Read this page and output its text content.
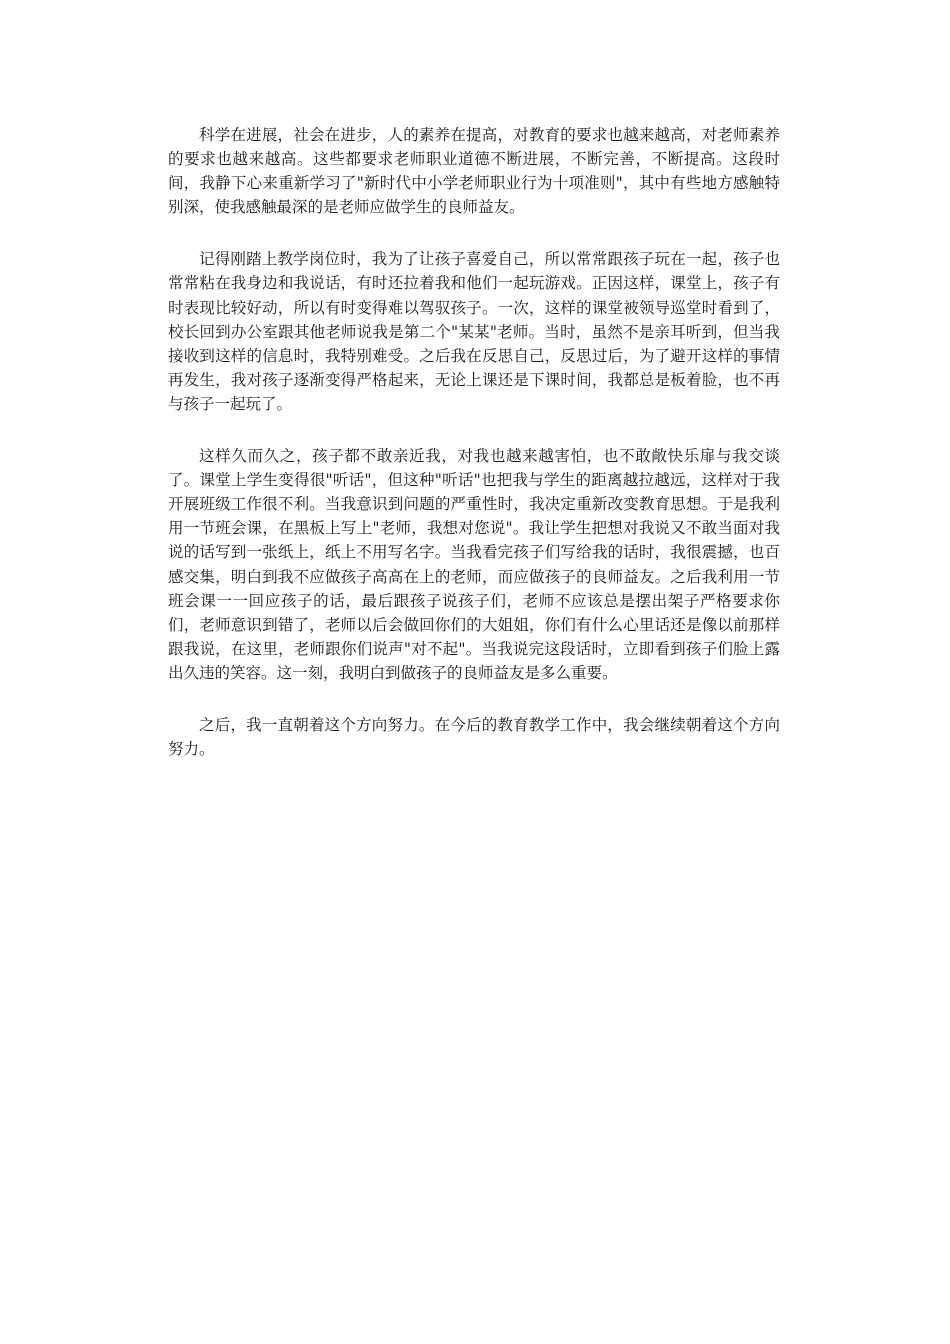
科学在进展，社会在进步，人的素养在提高，对教育的要求也越来越高，对老师素养的要求也越来越高。这些都要求老师职业道德不断进展，不断完善，不断提高。这段时间，我静下心来重新学习了"新时代中小学老师职业行为十项准则"，其中有些地方感触特别深，使我感触最深的是老师应做学生的良师益友。

记得刚踏上教学岗位时，我为了让孩子喜爱自己，所以常常跟孩子玩在一起，孩子也常常粘在我身边和我说话，有时还拉着我和他们一起玩游戏。正因这样，课堂上，孩子有时表现比较好动，所以有时变得难以驾驭孩子。一次，这样的课堂被领导巡堂时看到了，校长回到办公室跟其他老师说我是第二个"某某"老师。当时，虽然不是亲耳听到，但当我接收到这样的信息时，我特别难受。之后我在反思自己，反思过后，为了避开这样的事情再发生，我对孩子逐渐变得严格起来，无论上课还是下课时间，我都总是板着脸，也不再与孩子一起玩了。

这样久而久之，孩子都不敢亲近我，对我也越来越害怕，也不敢敞快乐扉与我交谈了。课堂上学生变得很"听话"，但这种"听话"也把我与学生的距离越拉越远，这样对于我开展班级工作很不利。当我意识到问题的严重性时，我决定重新改变教育思想。于是我利用一节班会课，在黑板上写上"老师，我想对您说"。我让学生把想对我说又不敢当面对我说的话写到一张纸上，纸上不用写名字。当我看完孩子们写给我的话时，我很震撼，也百感交集，明白到我不应做孩子高高在上的老师，而应做孩子的良师益友。之后我利用一节班会课一一回应孩子的话，最后跟孩子说孩子们，老师不应该总是摆出架子严格要求你们，老师意识到错了，老师以后会做回你们的大姐姐，你们有什么心里话还是像以前那样跟我说，在这里，老师跟你们说声"对不起"。当我说完这段话时，立即看到孩子们脸上露出久违的笑容。这一刻，我明白到做孩子的良师益友是多么重要。

之后，我一直朝着这个方向努力。在今后的教育教学工作中，我会继续朝着这个方向努力。
